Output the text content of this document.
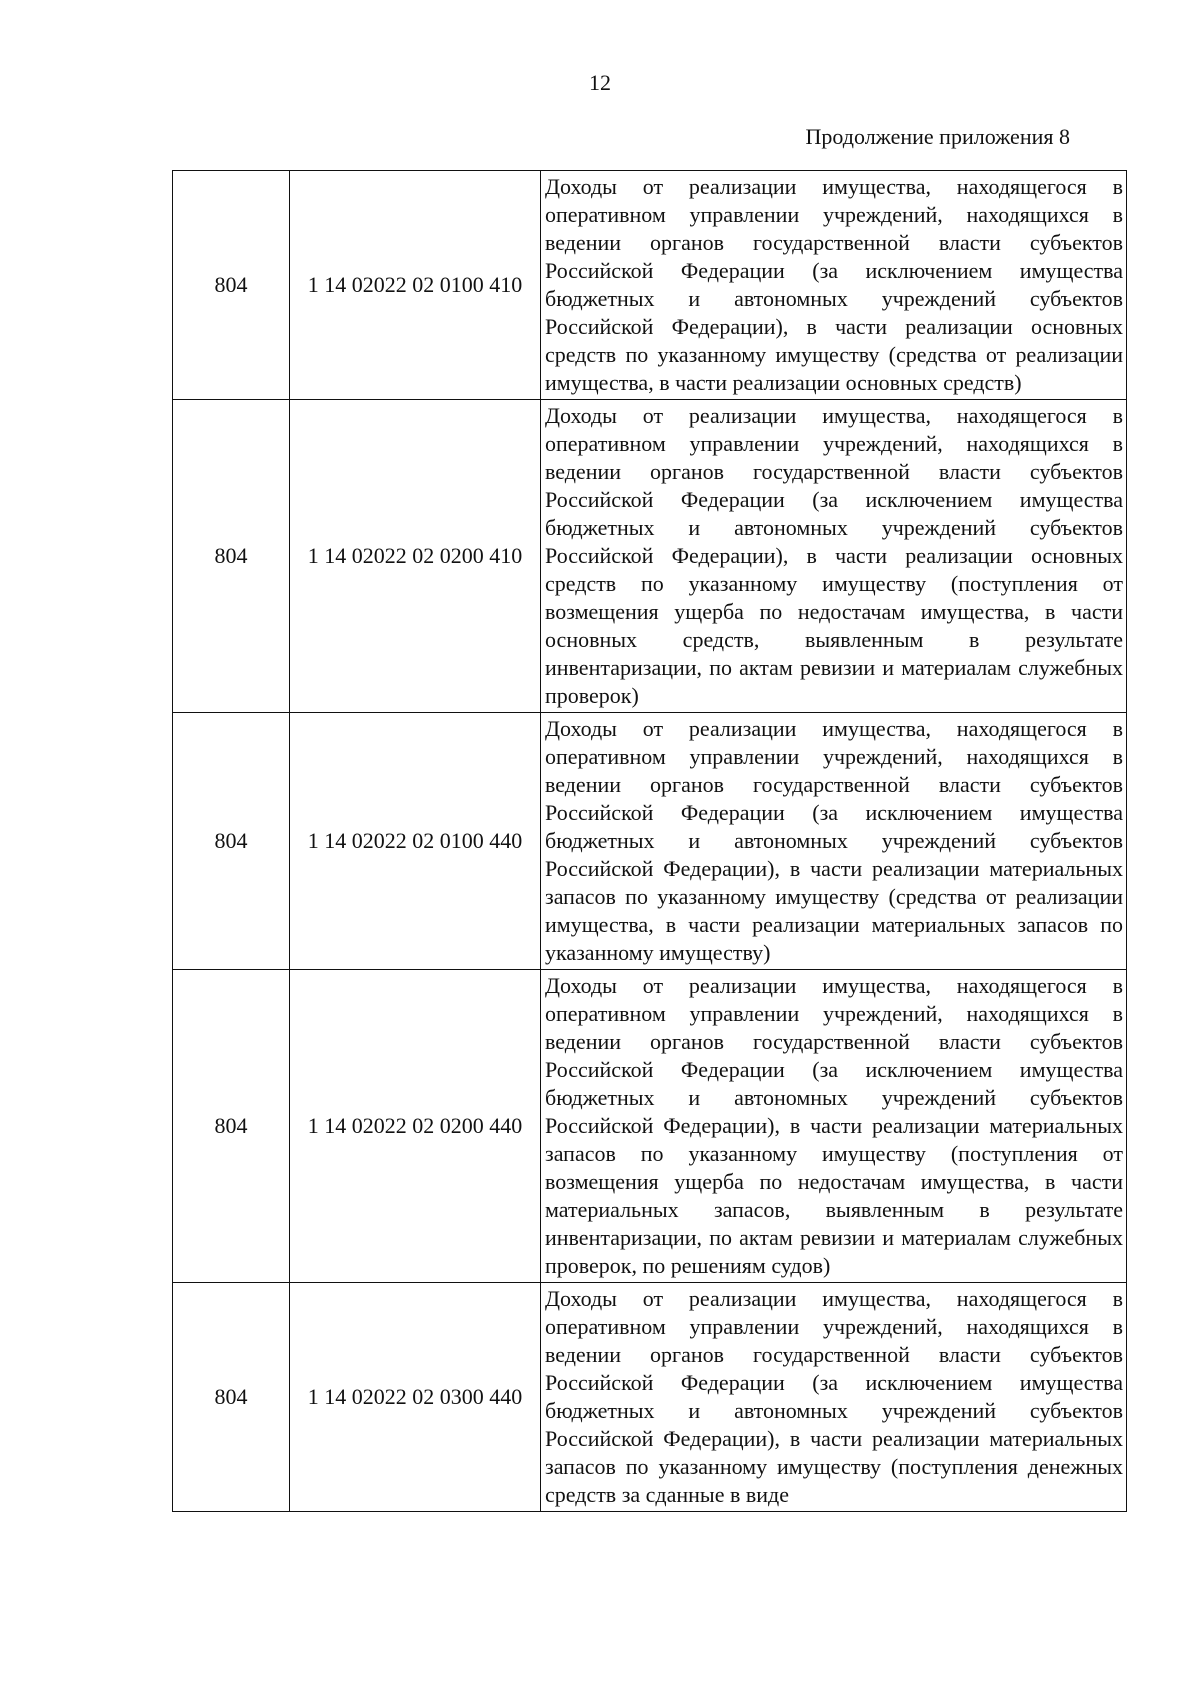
12
Продолжение приложения 8
804	1 14 02022 02 0100 410	Доходы от реализации имущества, находящегося в оперативном управлении учреждений, находящихся в ведении органов государственной власти субъектов Российской Федерации (за исключением имущества бюджетных и автономных учреждений субъектов Российской Федерации), в части реализации основных средств по указанному имуществу (средства от реализации имущества, в части реализации основных средств)
804	1 14 02022 02 0200 410	Доходы от реализации имущества, находящегося в оперативном управлении учреждений, находящихся в ведении органов государственной власти субъектов Российской Федерации (за исключением имущества бюджетных и автономных учреждений субъектов Российской Федерации), в части реализации основных средств по указанному имуществу (поступления от возмещения ущерба по недостачам имущества, в части основных средств, выявленным в результате инвентаризации, по актам ревизии и материалам служебных проверок)
804	1 14 02022 02 0100 440	Доходы от реализации имущества, находящегося в оперативном управлении учреждений, находящихся в ведении органов государственной власти субъектов Российской Федерации (за исключением имущества бюджетных и автономных учреждений субъектов Российской Федерации), в части реализации материальных запасов по указанному имуществу (средства от реализации имущества, в части реализации материальных запасов по указанному имуществу)
804	1 14 02022 02 0200 440	Доходы от реализации имущества, находящегося в оперативном управлении учреждений, находящихся в ведении органов государственной власти субъектов Российской Федерации (за исключением имущества бюджетных и автономных учреждений субъектов Российской Федерации), в части реализации материальных запасов по указанному имуществу (поступления от возмещения ущерба по недостачам имущества, в части материальных запасов, выявленным в результате инвентаризации, по актам ревизии и материалам служебных проверок, по решениям судов)
804	1 14 02022 02 0300 440	Доходы от реализации имущества, находящегося в оперативном управлении учреждений, находящихся в ведении органов государственной власти субъектов Российской Федерации (за исключением имущества бюджетных и автономных учреждений субъектов Российской Федерации), в части реализации материальных запасов по указанному имуществу (поступления денежных средств за сданные в виде
